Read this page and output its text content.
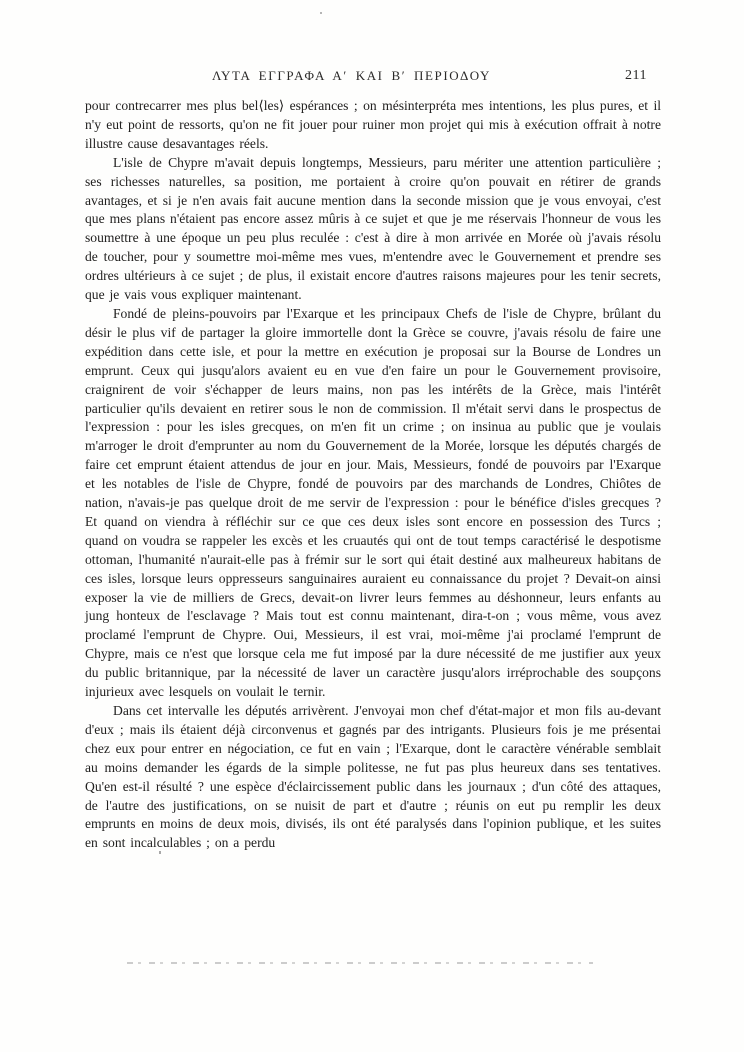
ΛΥΤΑ ΕΓΓΡΑΦΑ Α′ ΚΑΙ Β′ ΠΕΡΙΟΔΟΥ	211

pour contrecarrer mes plus bel⟨les⟩ espérances ; on mésinterpréta mes intentions, les plus pures, et il n'y eut point de ressorts, qu'on ne fit jouer pour ruiner mon projet qui mis à exécution offrait à notre illustre cause desavantages réels.

L'isle de Chypre m'avait depuis longtemps, Messieurs, paru mériter une attention particulière ; ses richesses naturelles, sa position, me portaient à croire qu'on pouvait en rétirer de grands avantages, et si je n'en avais fait aucune mention dans la seconde mission que je vous envoyai, c'est que mes plans n'étaient pas encore assez mûris à ce sujet et que je me réservais l'honneur de vous les soumettre à une époque un peu plus reculée : c'est à dire à mon arrivée en Morée où j'avais résolu de toucher, pour y soumettre moi-même mes vues, m'entendre avec le Gouvernement et prendre ses ordres ultérieurs à ce sujet ; de plus, il existait encore d'autres raisons majeures pour les tenir secrets, que je vais vous expliquer maintenant.

Fondé de pleins-pouvoirs par l'Exarque et les principaux Chefs de l'isle de Chypre, brûlant du désir le plus vif de partager la gloire immortelle dont la Grèce se couvre, j'avais résolu de faire une expédition dans cette isle, et pour la mettre en exécution je proposai sur la Bourse de Londres un emprunt. Ceux qui jusqu'alors avaient eu en vue d'en faire un pour le Gouvernement provisoire, craignirent de voir s'échapper de leurs mains, non pas les intérêts de la Grèce, mais l'intérêt particulier qu'ils devaient en retirer sous le non de commission. Il m'était servi dans le prospectus de l'expression : pour les isles grecques, on m'en fit un crime ; on insinua au public que je voulais m'arroger le droit d'emprunter au nom du Gouvernement de la Morée, lorsque les députés chargés de faire cet emprunt étaient attendus de jour en jour. Mais, Messieurs, fondé de pouvoirs par l'Exarque et les notables de l'isle de Chypre, fondé de pouvoirs par des marchands de Londres, Chiôtes de nation, n'avais-je pas quelque droit de me servir de l'expression : pour le bénéfice d'isles grecques ? Et quand on viendra à réfléchir sur ce que ces deux isles sont encore en possession des Turcs ; quand on voudra se rappeler les excès et les cruautés qui ont de tout temps caractérisé le despotisme ottoman, l'humanité n'aurait-elle pas à frémir sur le sort qui était destiné aux malheureux habitans de ces isles, lorsque leurs oppresseurs sanguinaires auraient eu connaissance du projet ? Devait-on ainsi exposer la vie de milliers de Grecs, devait-on livrer leurs femmes au déshonneur, leurs enfants au jung honteux de l'esclavage ? Mais tout est connu maintenant, dira-t-on ; vous même, vous avez proclamé l'emprunt de Chypre. Oui, Messieurs, il est vrai, moi-même j'ai proclamé l'emprunt de Chypre, mais ce n'est que lorsque cela me fut imposé par la dure nécessité de me justifier aux yeux du public britannique, par la nécessité de laver un caractère jusqu'alors irréprochable des soupçons injurieux avec lesquels on voulait le ternir.

Dans cet intervalle les députés arrivèrent. J'envoyai mon chef d'état-major et mon fils au-devant d'eux ; mais ils étaient déjà circonvenus et gagnés par des intrigants. Plusieurs fois je me présentai chez eux pour entrer en négociation, ce fut en vain ; l'Exarque, dont le caractère vénérable semblait au moins demander les égards de la simple politesse, ne fut pas plus heureux dans ses tentatives. Qu'en est-il résulté ? une espèce d'éclaircissement public dans les journaux ; d'un côté des attaques, de l'autre des justifications, on se nuisit de part et d'autre ; réunis on eut pu remplir les deux emprunts en moins de deux mois, divisés, ils ont été paralysés dans l'opinion publique, et les suites en sont incalculables ; on a perdu
